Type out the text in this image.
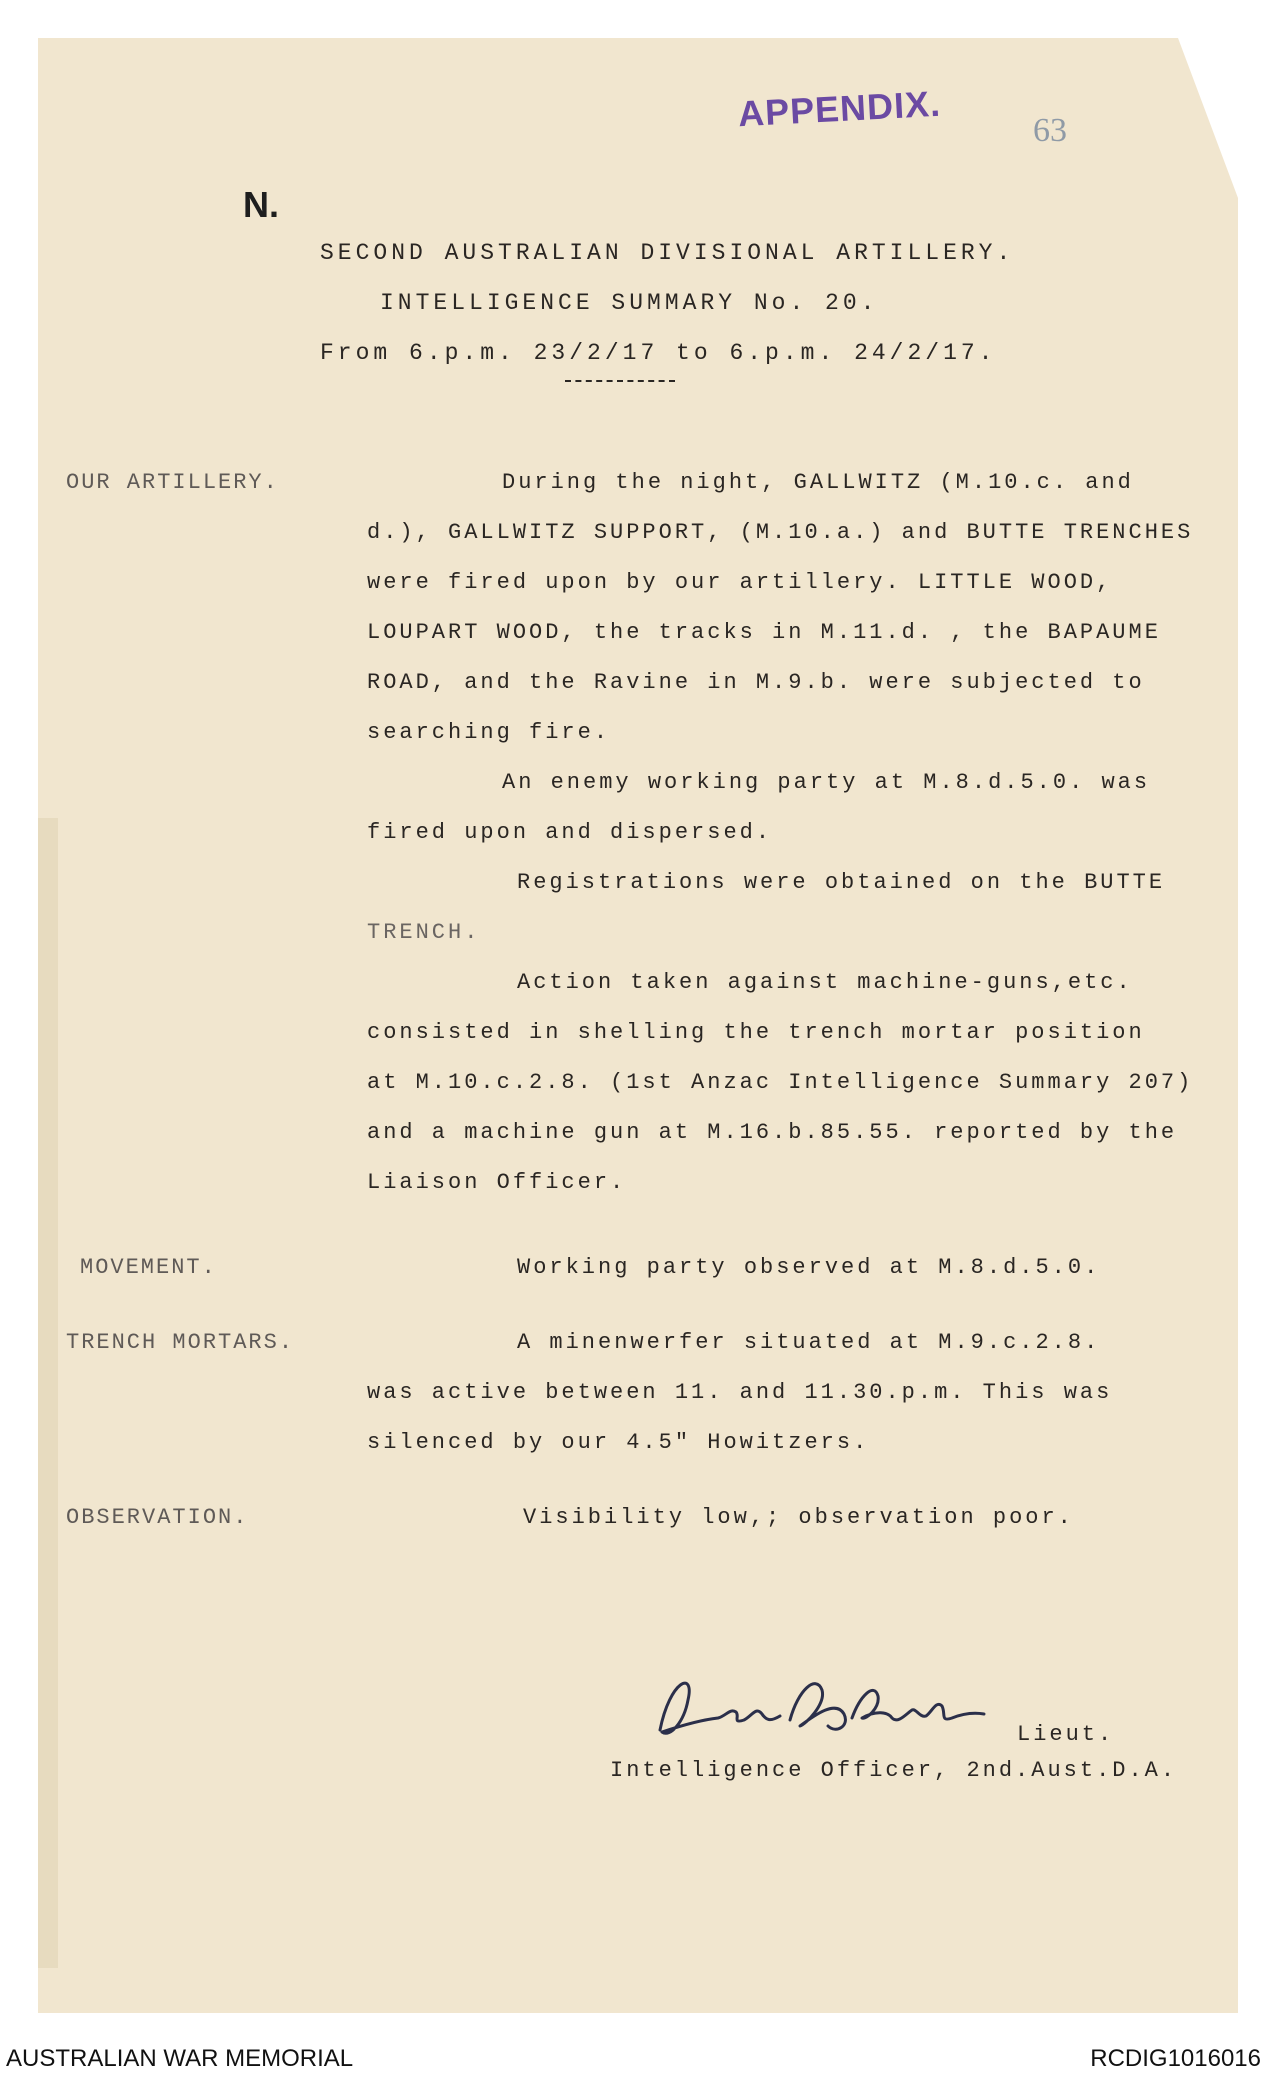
APPENDIX.	63
N.
SECOND AUSTRALIAN DIVISIONAL ARTILLERY.
INTELLIGENCE SUMMARY No. 20.
From 6.p.m. 23/2/17 to 6.p.m. 24/2/17.
OUR ARTILLERY.	During the night, GALLWITZ (M.10.c. and
d.), GALLWITZ SUPPORT, (M.10.a.) and BUTTE TRENCHES
were fired upon by our artillery. LITTLE WOOD,
LOUPART WOOD, the tracks in M.11.d. , the BAPAUME
ROAD, and the Ravine in M.9.b. were subjected to
searching fire.
An enemy working party at M.8.d.5.0. was
fired upon and dispersed.
Registrations were obtained on the BUTTE
TRENCH.
Action taken against machine-guns,etc.
consisted in shelling the trench mortar position
at M.10.c.2.8. (1st Anzac Intelligence Summary 207)
and a machine gun at M.16.b.85.55. reported by the
Liaison Officer.
MOVEMENT.	Working party observed at M.8.d.5.0.
TRENCH MORTARS.	A minenwerfer situated at M.9.c.2.8.
was active between 11. and 11.30.p.m. This was
silenced by our 4.5" Howitzers.
OBSERVATION.	Visibility low,; observation poor.
Lieut.
Intelligence Officer, 2nd.Aust.D.A.
AUSTRALIAN WAR MEMORIAL	RCDIG1016016
